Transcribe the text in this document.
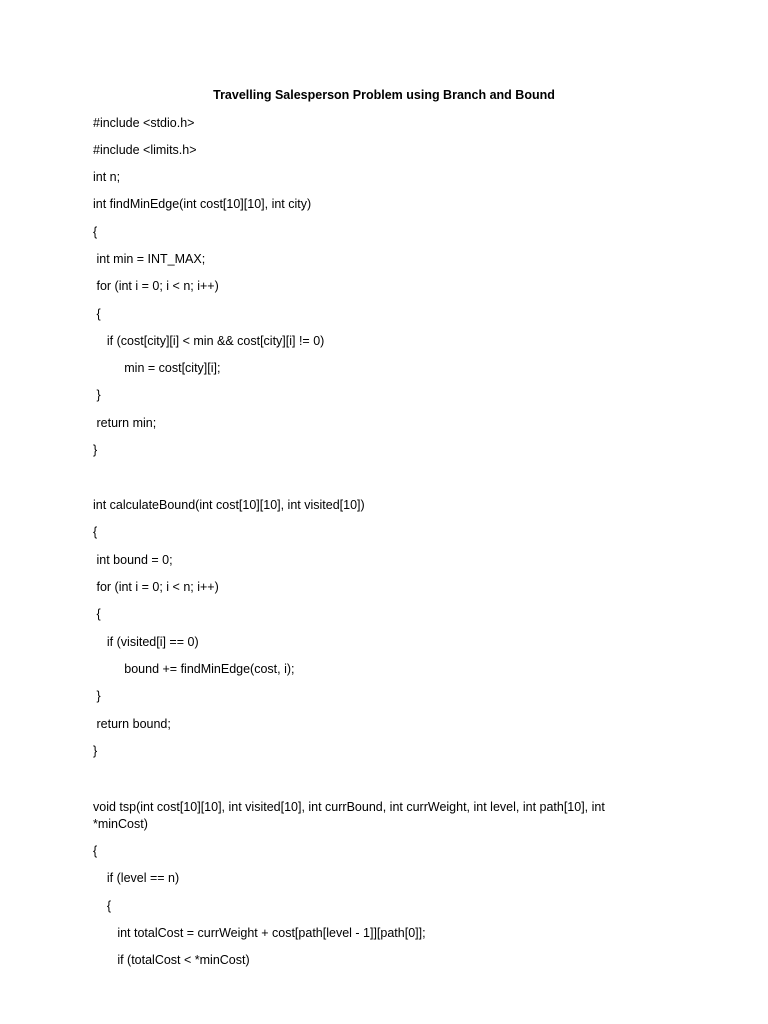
Travelling Salesperson Problem using Branch and Bound
#include <stdio.h>
#include <limits.h>
int n;
int findMinEdge(int cost[10][10], int city)
{
int min = INT_MAX;
for (int i = 0; i < n; i++)
{
if (cost[city][i] < min && cost[city][i] != 0)
min = cost[city][i];
}
return min;
}
int calculateBound(int cost[10][10], int visited[10])
{
int bound = 0;
for (int i = 0; i < n; i++)
{
if (visited[i] == 0)
bound += findMinEdge(cost, i);
}
return bound;
}
void tsp(int cost[10][10], int visited[10], int currBound, int currWeight, int level, int path[10], int *minCost)
{
if (level == n)
{
int totalCost = currWeight + cost[path[level - 1]][path[0]];
if (totalCost < *minCost)
